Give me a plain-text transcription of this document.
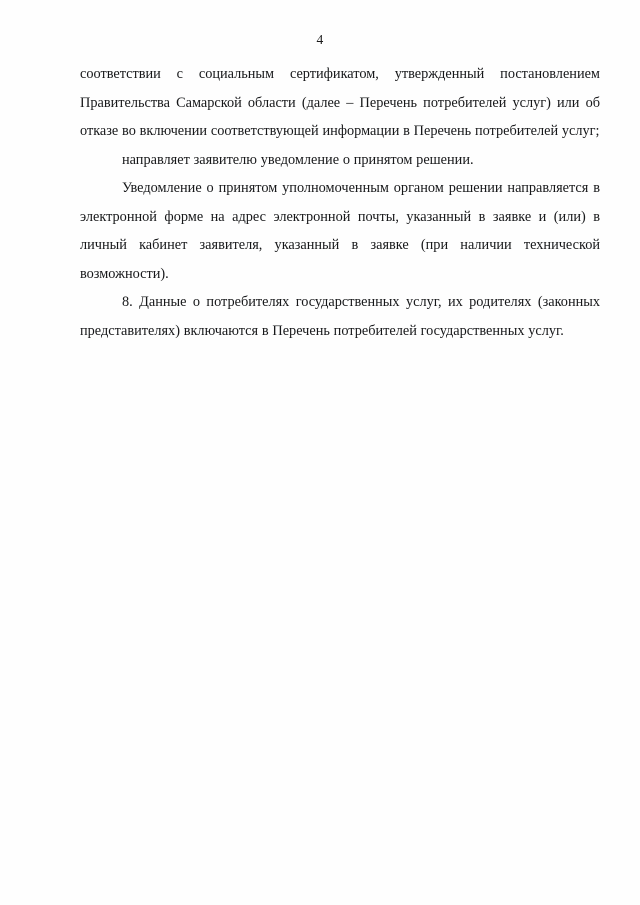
4

соответствии с социальным сертификатом, утвержденный постановлением Правительства Самарской области (далее – Перечень потребителей услуг) или об отказе во включении соответствующей информации в Перечень потребителей услуг;

направляет заявителю уведомление о принятом решении.

Уведомление о принятом уполномоченным органом решении направляется в электронной форме на адрес электронной почты, указанный в заявке и (или) в личный кабинет заявителя, указанный в заявке (при наличии технической возможности).

8. Данные о потребителях государственных услуг, их родителях (законных представителях) включаются в Перечень потребителей государственных услуг.
